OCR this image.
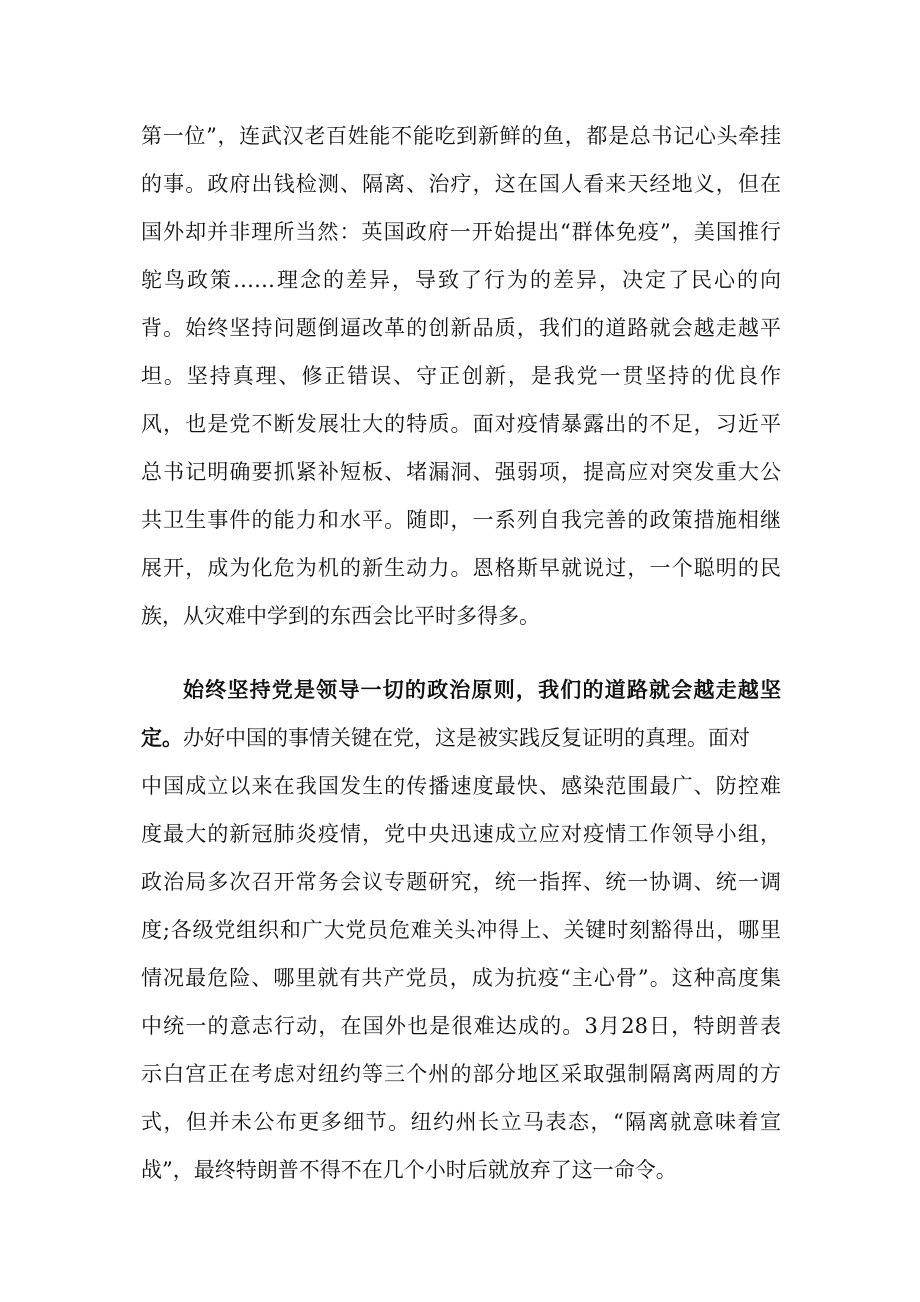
第一位”，连武汉老百姓能不能吃到新鲜的鱼，都是总书记心头牵挂
的事。政府出钱检测、隔离、治疗，这在国人看来天经地义，但在
国外却并非理所当然：英国政府一开始提出“群体免疫”，美国推行
鸵鸟政策……理念的差异，导致了行为的差异，决定了民心的向
背。始终坚持问题倒逼改革的创新品质，我们的道路就会越走越平
坦。坚持真理、修正错误、守正创新，是我党一贯坚持的优良作
风，也是党不断发展壮大的特质。面对疫情暴露出的不足，习近平
总书记明确要抓紧补短板、堵漏洞、强弱项，提高应对突发重大公
共卫生事件的能力和水平。随即，一系列自我完善的政策措施相继
展开，成为化危为机的新生动力。恩格斯早就说过，一个聪明的民
族，从灾难中学到的东西会比平时多得多。
始终坚持党是领导一切的政治原则，我们的道路就会越走越坚
定。办好中国的事情关键在党，这是被实践反复证明的真理。面对
中国成立以来在我国发生的传播速度最快、感染范围最广、防控难
度最大的新冠肺炎疫情，党中央迅速成立应对疫情工作领导小组，
政治局多次召开常务会议专题研究，统一指挥、统一协调、统一调
度;各级党组织和广大党员危难关头冲得上、关键时刻豁得出，哪里
情况最危险、哪里就有共产党员，成为抗疫“主心骨”。这种高度集
中统一的意志行动，在国外也是很难达成的。3月28日，特朗普表
示白宫正在考虑对纽约等三个州的部分地区采取强制隔离两周的方
式，但并未公布更多细节。纽约州长立马表态，“隔离就意味着宣
战”，最终特朗普不得不在几个小时后就放弃了这一命令。
